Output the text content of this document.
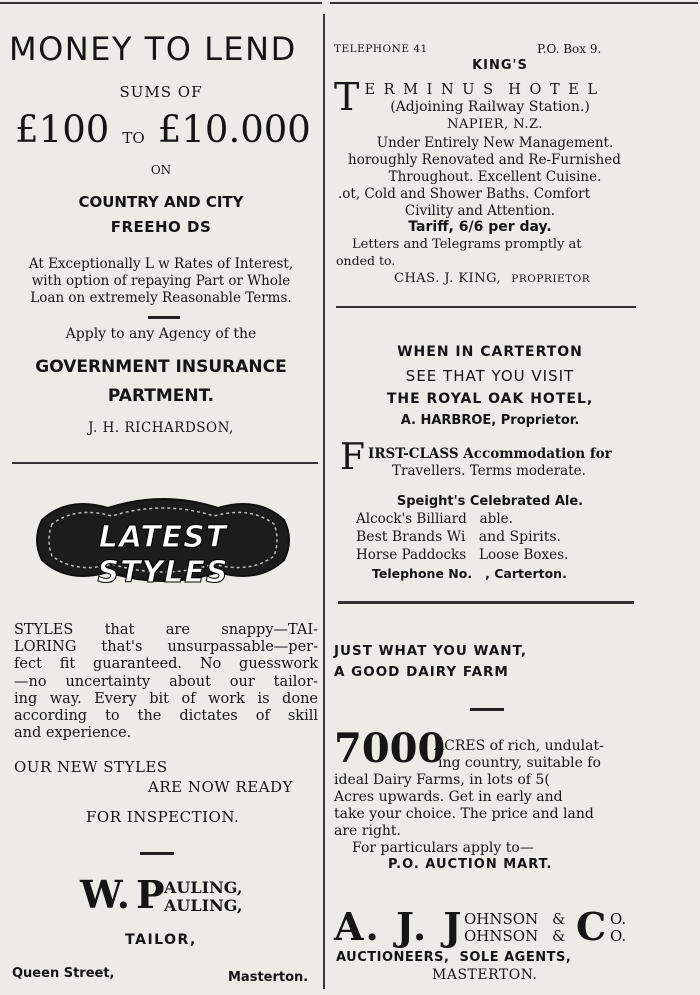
MONEY TO LEND
SUMS OF
£100 TO £10.000
ON
COUNTRY AND CITY
FREEHO DS
At Exceptionally L w Rates of Interest,
with option of repaying Part or Whole
Loan on extremely Reasonable Terms.
Apply to any Agency of the
GOVERNMENT INSURANCE
PARTMENT.
J. H. RICHARDSON,
LATEST STYLES

STYLES that are snappy—TAI-

LORING that's unsurpassable—per-

fect fit guaranteed. No guesswork

—no uncertainty about our tailor-

ing way. Every bit of work is done

according to the dictates of skill

and experience.

OUR NEW STYLES
ARE NOW READY
FOR INSPECTION.
W. P AULING,
AULING,
TAILOR,
Queen Street,	Masterton.
TELEPHONE 41	P.O. Box 9.
KING'S
T E R M I N U S  H O T E L
(Adjoining Railway Station.)
NAPIER, N.Z.
Under Entirely New Management.
horoughly Renovated and Re-Furnished
Throughout. Excellent Cuisine.
.ot, Cold and Shower Baths. Comfort
Civility and Attention.
Tariff, 6/6 per day.
Letters and Telegrams promptly at
onded to.
CHAS. J. KING, PROPRIETOR
WHEN IN CARTERTON
SEE THAT YOU VISIT
THE ROYAL OAK HOTEL,
A. HARBROE, Proprietor.
F IRST-CLASS Accommodation for
Travellers. Terms moderate.
Speight's Celebrated Ale.
Alcock's Billiard   able.
Best Brands Wi   and Spirits.
Horse Paddocks   Loose Boxes.
Telephone No.   , Carterton.
JUST WHAT YOU WANT,
A GOOD DAIRY FARM
7000
ACRES of rich, undulat-
ing country, suitable fo
ideal Dairy Farms, in lots of 5(
Acres upwards. Get in early and
take your choice. The price and land
are right.
For particulars apply to—
P.O. AUCTION MART.
A. J. J OHNSON
OHNSON
&
& C O.
O.
AUCTIONEERS,  SOLE AGENTS,
MASTERTON.
